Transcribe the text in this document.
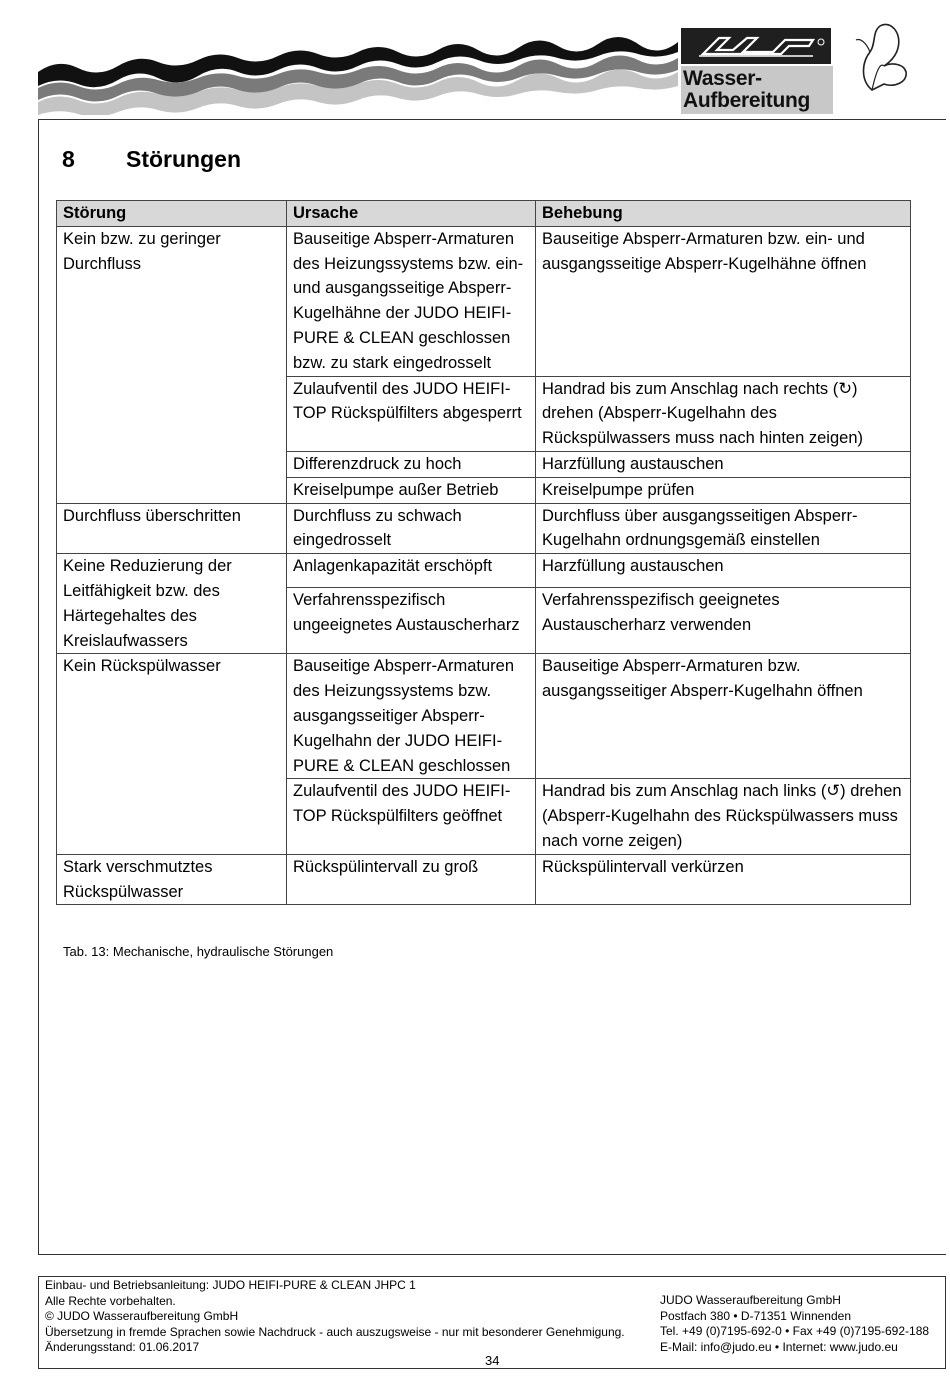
Wasser-
Aufbereitung
8 Störungen
Störung	Ursache	Behebung
Kein bzw. zu geringer Durchfluss	Bauseitige Absperr-Armaturen des Heizungssystems bzw. ein- und ausgangsseitige Absperr-Kugelhähne der JUDO HEIFI-PURE & CLEAN geschlossen bzw. zu stark eingedrosselt	Bauseitige Absperr-Armaturen bzw. ein- und ausgangsseitige Absperr-Kugelhähne öffnen
	Zulaufventil des JUDO HEIFI-TOP Rückspülfilters abgesperrt	Handrad bis zum Anschlag nach rechts (↻) drehen (Absperr-Kugelhahn des Rückspülwassers muss nach hinten zeigen)
	Differenzdruck zu hoch	Harzfüllung austauschen
	Kreiselpumpe außer Betrieb	Kreiselpumpe prüfen
Durchfluss überschritten	Durchfluss zu schwach eingedrosselt	Durchfluss über ausgangsseitigen Absperr-Kugelhahn ordnungsgemäß einstellen
Keine Reduzierung der Leitfähigkeit bzw. des Härtegehaltes des Kreislaufwassers	Anlagenkapazität erschöpft	Harzfüllung austauschen
	Verfahrensspezifisch ungeeignetes Austauscherharz	Verfahrensspezifisch geeignetes Austauscherharz verwenden
Kein Rückspülwasser	Bauseitige Absperr-Armaturen des Heizungssystems bzw. ausgangsseitiger Absperr-Kugelhahn der JUDO HEIFI-PURE & CLEAN geschlossen	Bauseitige Absperr-Armaturen bzw. ausgangsseitiger Absperr-Kugelhahn öffnen
	Zulaufventil des JUDO HEIFI-TOP Rückspülfilters geöffnet	Handrad bis zum Anschlag nach links (↺) drehen (Absperr-Kugelhahn des Rückspülwassers muss nach vorne zeigen)
Stark verschmutztes Rückspülwasser	Rückspülintervall zu groß	Rückspülintervall verkürzen
Tab. 13: Mechanische, hydraulische Störungen
Einbau- und Betriebsanleitung: JUDO HEIFI-PURE & CLEAN JHPC 1
Alle Rechte vorbehalten.
© JUDO Wasseraufbereitung GmbH
Übersetzung in fremde Sprachen sowie Nachdruck - auch auszugsweise - nur mit besonderer Genehmigung.
Änderungsstand: 01.06.2017
JUDO Wasseraufbereitung GmbH
Postfach 380 • D-71351 Winnenden
Tel. +49 (0)7195-692-0 • Fax +49 (0)7195-692-188
E-Mail: info@judo.eu • Internet: www.judo.eu
34
